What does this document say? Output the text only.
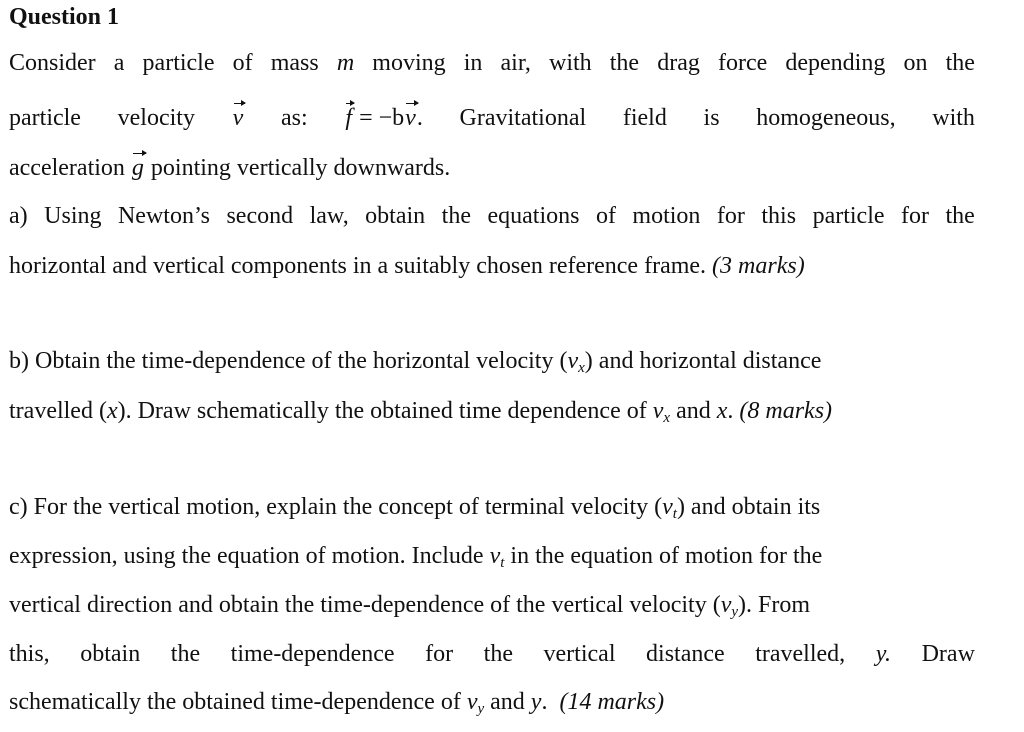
Question 1
Consider a particle of mass m moving in air, with the drag force depending on the
particle velocity v as: f = −bv. Gravitational field is homogeneous, with
acceleration g pointing vertically downwards.
a) Using Newton’s second law, obtain the equations of motion for this particle for the
horizontal and vertical components in a suitably chosen reference frame. (3 marks)
b) Obtain the time-dependence of the horizontal velocity $(v_x)$ and horizontal distance
travelled (x). Draw schematically the obtained time dependence of $v_x$ and x. (8 marks)
c) For the vertical motion, explain the concept of terminal velocity $(v_t)$ and obtain its
expression, using the equation of motion. Include $v_t$ in the equation of motion for the
vertical direction and obtain the time-dependence of the vertical velocity $(v_y)$. From
this, obtain the time-dependence for the vertical distance travelled, y. Draw
schematically the obtained time-dependence of $v_y$ and y.  (14 marks)
